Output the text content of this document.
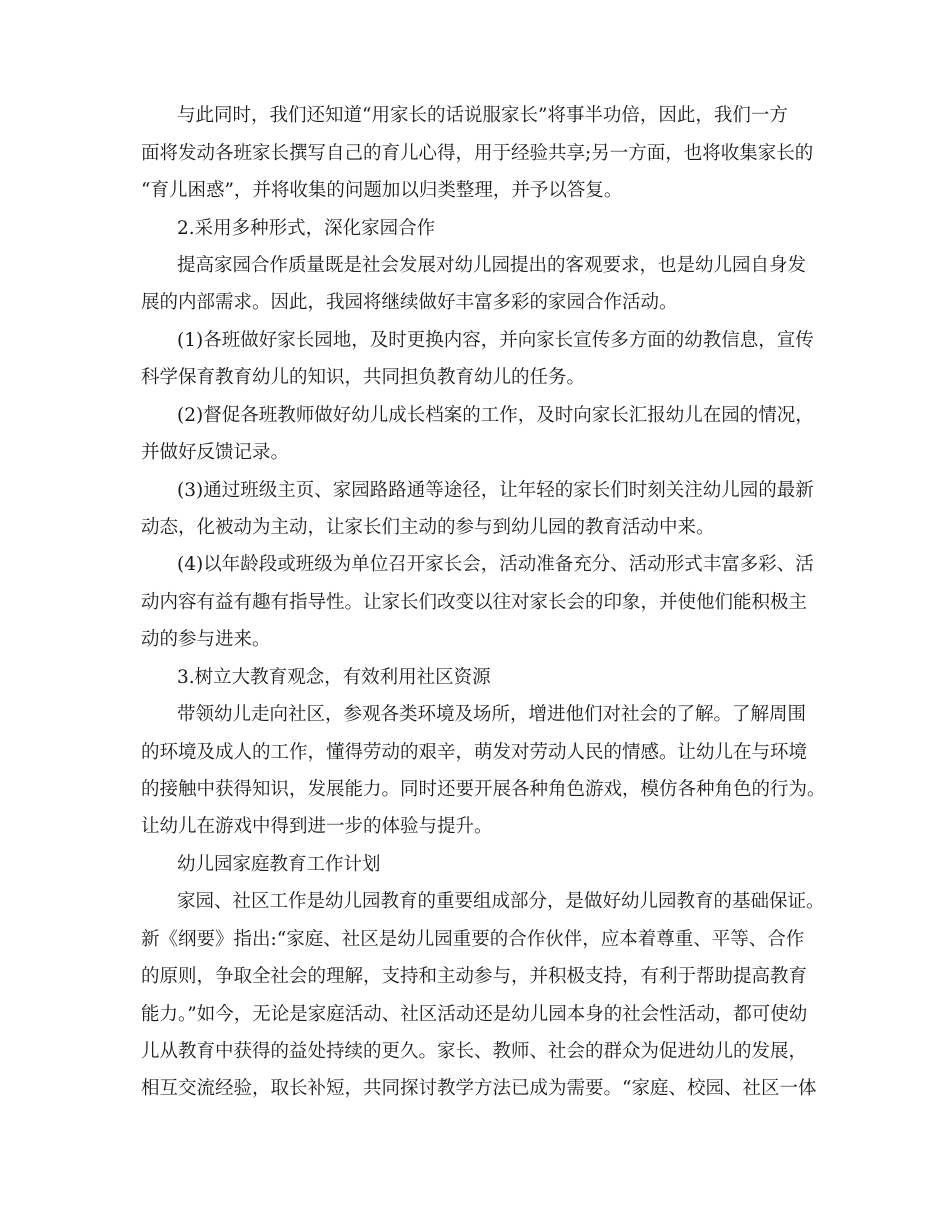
与此同时，我们还知道“用家长的话说服家长”将事半功倍，因此，我们一方

面将发动各班家长撰写自己的育儿心得，用于经验共享;另一方面，也将收集家长的

“育儿困惑”，并将收集的问题加以归类整理，并予以答复。

2.采用多种形式，深化家园合作

提高家园合作质量既是社会发展对幼儿园提出的客观要求，也是幼儿园自身发

展的内部需求。因此，我园将继续做好丰富多彩的家园合作活动。

(1)各班做好家长园地，及时更换内容，并向家长宣传多方面的幼教信息，宣传

科学保育教育幼儿的知识，共同担负教育幼儿的任务。

(2)督促各班教师做好幼儿成长档案的工作，及时向家长汇报幼儿在园的情况，

并做好反馈记录。

(3)通过班级主页、家园路路通等途径，让年轻的家长们时刻关注幼儿园的最新

动态，化被动为主动，让家长们主动的参与到幼儿园的教育活动中来。

(4)以年龄段或班级为单位召开家长会，活动准备充分、活动形式丰富多彩、活

动内容有益有趣有指导性。让家长们改变以往对家长会的印象，并使他们能积极主

动的参与进来。

3.树立大教育观念，有效利用社区资源

带领幼儿走向社区，参观各类环境及场所，增进他们对社会的了解。了解周围

的环境及成人的工作，懂得劳动的艰辛，萌发对劳动人民的情感。让幼儿在与环境

的接触中获得知识，发展能力。同时还要开展各种角色游戏，模仿各种角色的行为。

让幼儿在游戏中得到进一步的体验与提升。

幼儿园家庭教育工作计划

家园、社区工作是幼儿园教育的重要组成部分，是做好幼儿园教育的基础保证。

新《纲要》指出:“家庭、社区是幼儿园重要的合作伙伴，应本着尊重、平等、合作

的原则，争取全社会的理解，支持和主动参与，并积极支持，有利于帮助提高教育

能力。”如今，无论是家庭活动、社区活动还是幼儿园本身的社会性活动，都可使幼

儿从教育中获得的益处持续的更久。家长、教师、社会的群众为促进幼儿的发展，

相互交流经验，取长补短，共同探讨教学方法已成为需要。“家庭、校园、社区一体
